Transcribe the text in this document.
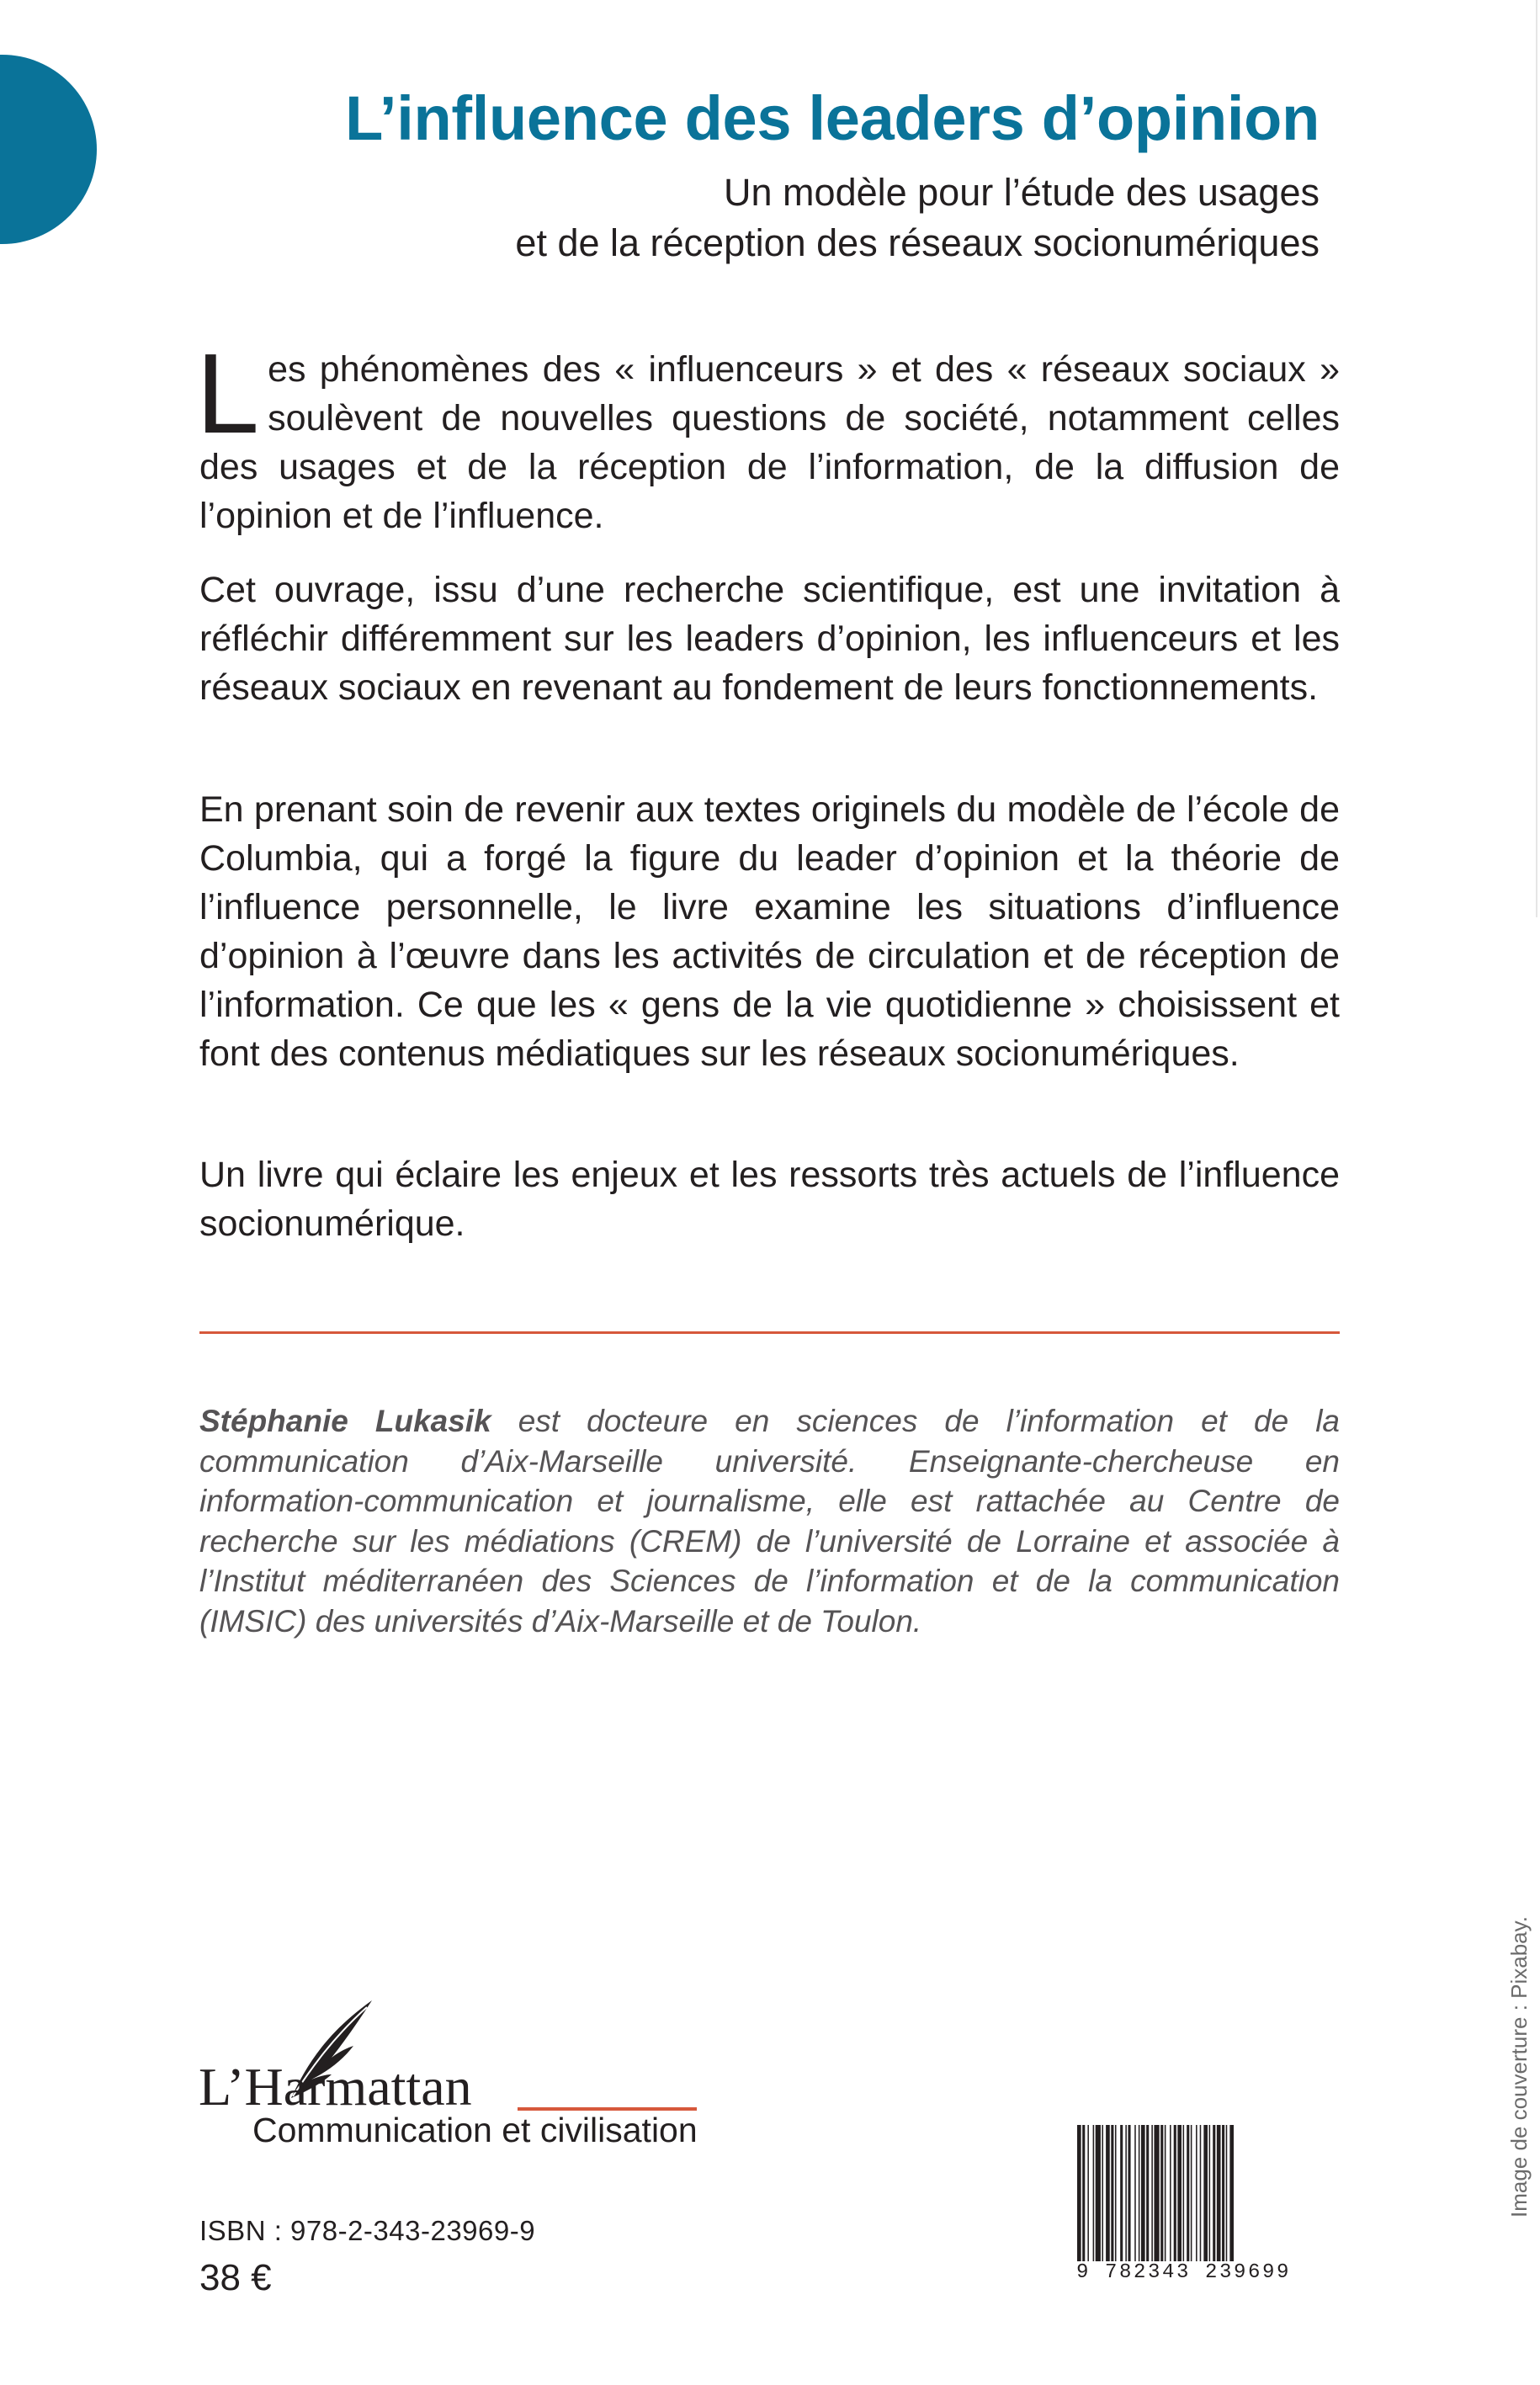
L’influence des leaders d’opinion
Un modèle pour l’étude des usages
et de la réception des réseaux socionumériques

Les phénomènes des « influenceurs » et des « réseaux sociaux » soulèvent de nouvelles questions de société, notamment celles des usages et de la réception de l’information, de la diffusion de l’opinion et de l’influence.

Cet ouvrage, issu d’une recherche scientifique, est une invitation à réfléchir différemment sur les leaders d’opinion, les influenceurs et les réseaux sociaux en revenant au fondement de leurs fonctionnements.

En prenant soin de revenir aux textes originels du modèle de l’école de Columbia, qui a forgé la figure du leader d’opinion et la théorie de l’influence personnelle, le livre examine les situations d’influence d’opinion à l’œuvre dans les activités de circulation et de réception de l’information. Ce que les « gens de la vie quotidienne » choisissent et font des contenus médiatiques sur les réseaux socionumériques.

Un livre qui éclaire les enjeux et les ressorts très actuels de l’influence socionumérique.

Stéphanie Lukasik est docteure en sciences de l’information et de la communication d’Aix-Marseille université. Enseignante-chercheuse en information-communication et journalisme, elle est rattachée au Centre de recherche sur les médiations (CREM) de l’université de Lorraine et associée à l’Institut méditerranéen des Sciences de l’information et de la communication (IMSIC) des universités d’Aix-Marseille et de Toulon.
Image de couverture : Pixabay.
L’Harmattan
Communication et civilisation
ISBN : 978-2-343-23969-9
38 €	9 782343 239699
